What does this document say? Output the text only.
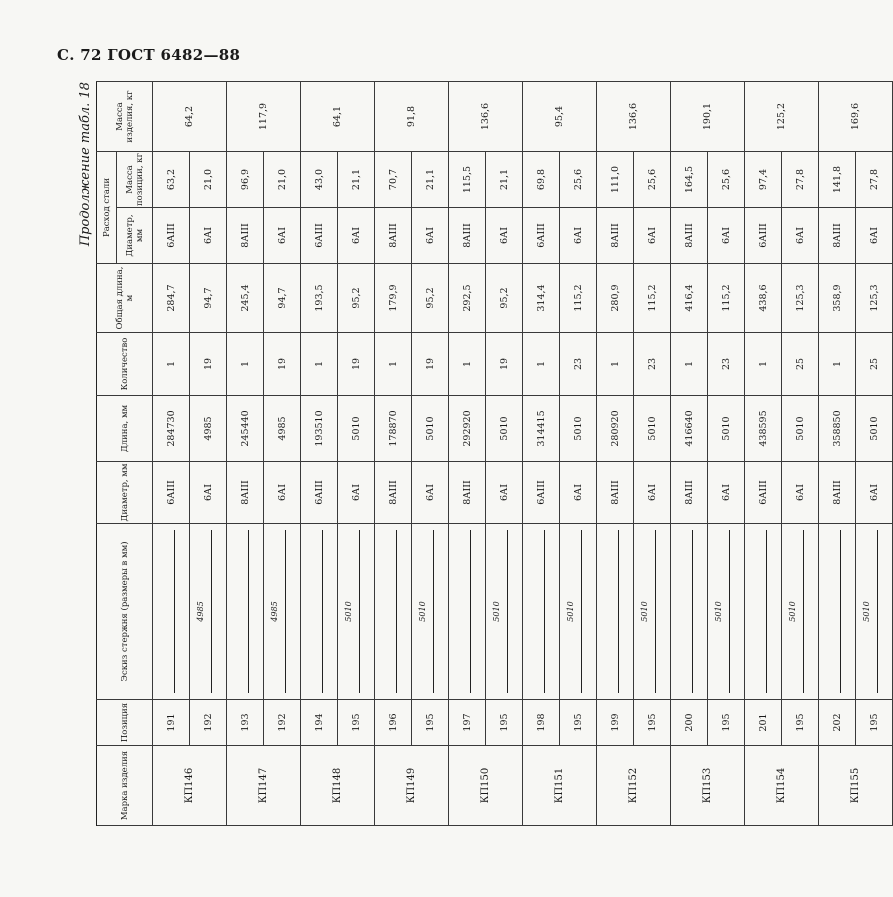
С. 72 ГОСТ 6482—88
Продолжение табл. 18
Марка изделия	Позиция	Эскиз стержня (размеры в мм)	Диаметр, мм	Длина, мм	Количество	Общая длина, м	Расход стали		Масса изделия, кг
							Диаметр, мм	Масса позиции, кг	
КП146	191		6АIII	284730	1	284,7	6АIII	63,2	64,2
	192	4985	6АI	4985	19	94,7	6АI	21,0	
КП147	193		8АIII	245440	1	245,4	8АIII	96,9	117,9
	192	4985	6АI	4985	19	94,7	6АI	21,0	
КП148	194		6АIII	193510	1	193,5	6АIII	43,0	64,1
	195	5010	6АI	5010	19	95,2	6АI	21,1	
КП149	196		8АIII	178870	1	179,9	8АIII	70,7	91,8
	195	5010	6АI	5010	19	95,2	6АI	21,1	
КП150	197		8АIII	292920	1	292,5	8АIII	115,5	136,6
	195	5010	6АI	5010	19	95,2	6АI	21,1	
КП151	198		6АIII	314415	1	314,4	6АIII	69,8	95,4
	195	5010	6АI	5010	23	115,2	6АI	25,6	
КП152	199		8АIII	280920	1	280,9	8АIII	111,0	136,6
	195	5010	6АI	5010	23	115,2	6АI	25,6	
КП153	200		8АIII	416640	1	416,4	8АIII	164,5	190,1
	195	5010	6АI	5010	23	115,2	6АI	25,6	
КП154	201		6АIII	438595	1	438,6	6АIII	97,4	125,2
	195	5010	6АI	5010	25	125,3	6АI	27,8	
КП155	202		8АIII	358850	1	358,9	8АIII	141,8	169,6
	195	5010	6АI	5010	25	125,3	6АI	27,8	
